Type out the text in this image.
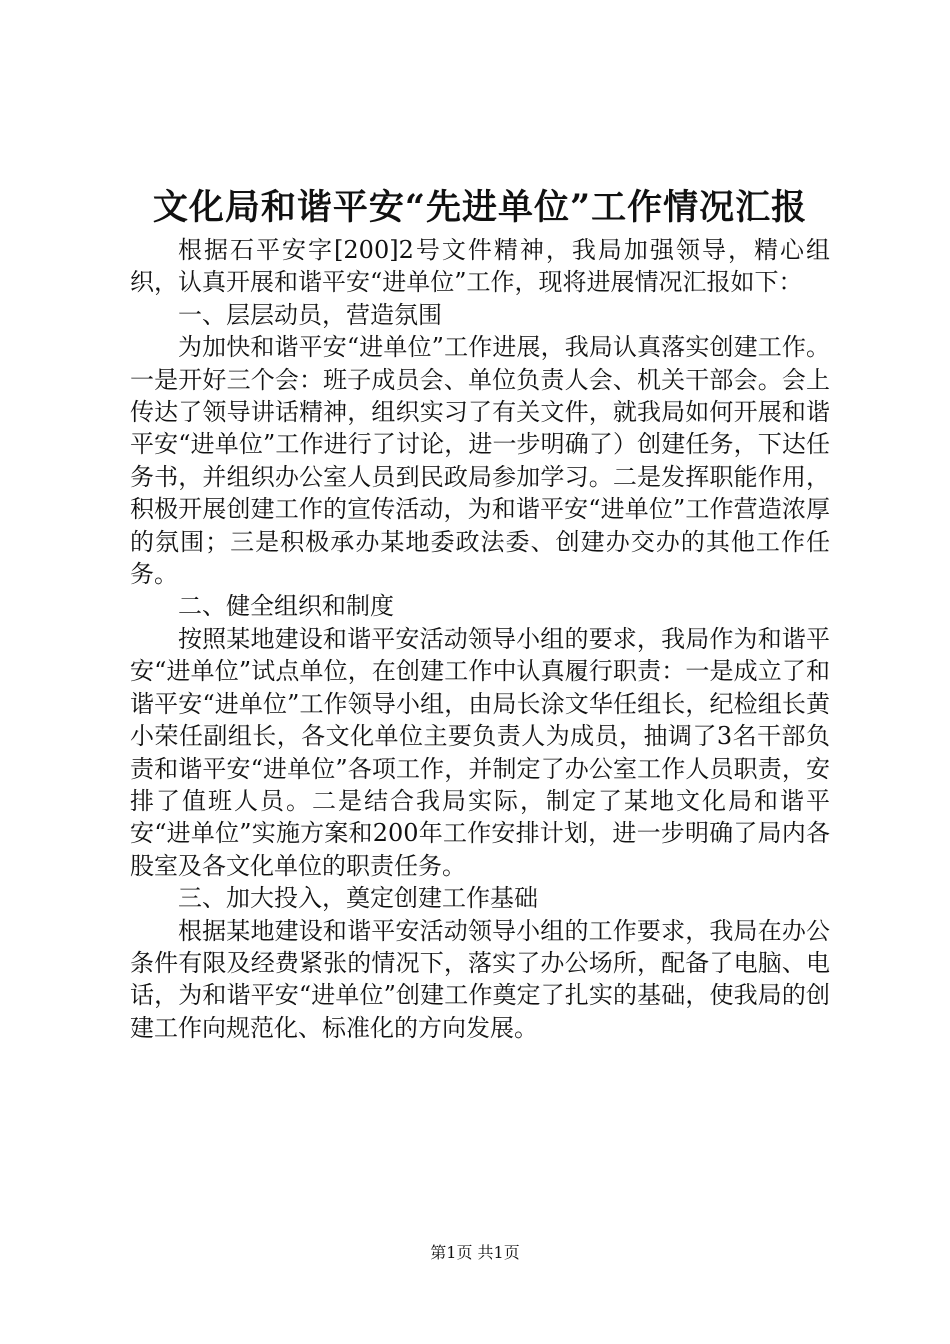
文化局和谐平安“先进单位”工作情况汇报

根据石平安字[200]2号文件精神，我局加强领导，精心组织，认真开展和谐平安“进单位”工作，现将进展情况汇报如下：

一、层层动员，营造氛围

为加快和谐平安“进单位”工作进展，我局认真落实创建工作。一是开好三个会：班子成员会、单位负责人会、机关干部会。会上传达了领导讲话精神，组织实习了有关文件，就我局如何开展和谐平安“进单位”工作进行了讨论，进一步明确了）创建任务，下达任务书，并组织办公室人员到民政局参加学习。二是发挥职能作用，积极开展创建工作的宣传活动，为和谐平安“进单位”工作营造浓厚的氛围；三是积极承办某地委政法委、创建办交办的其他工作任务。

二、健全组织和制度

按照某地建设和谐平安活动领导小组的要求，我局作为和谐平安“进单位”试点单位，在创建工作中认真履行职责：一是成立了和谐平安“进单位”工作领导小组，由局长涂文华任组长，纪检组长黄小荣任副组长，各文化单位主要负责人为成员，抽调了3名干部负责和谐平安“进单位”各项工作，并制定了办公室工作人员职责，安排了值班人员。二是结合我局实际，制定了某地文化局和谐平安“进单位”实施方案和200年工作安排计划，进一步明确了局内各股室及各文化单位的职责任务。

三、加大投入，奠定创建工作基础

根据某地建设和谐平安活动领导小组的工作要求，我局在办公条件有限及经费紧张的情况下，落实了办公场所，配备了电脑、电话，为和谐平安“进单位”创建工作奠定了扎实的基础，使我局的创建工作向规范化、标准化的方向发展。

第1页 共1页
